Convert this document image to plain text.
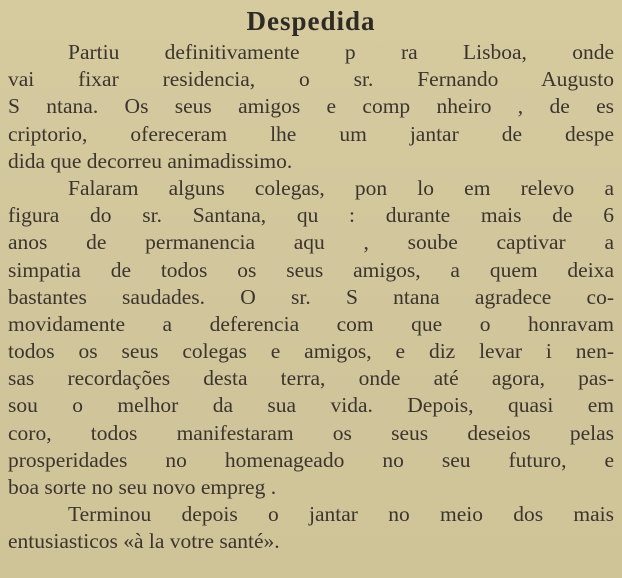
Despedida
Partiu definitivamente p ra Lisboa, onde
vai fixar residencia, o sr. Fernando Augusto
S ntana. Os seus amigos e comp nheiro , de es
criptorio, ofereceram lhe um jantar de despe
dida que decorreu animadissimo.
Falaram alguns colegas, pon lo em relevo a
figura do sr. Santana, qu : durante mais de 6
anos de permanencia aqu , soube captivar a
simpatia de todos os seus amigos, a quem deixa
bastantes saudades. O sr. S ntana agradece co-
movidamente a deferencia com que o honravam
todos os seus colegas e amigos, e diz levar i nen-
sas recordações desta terra, onde até agora, pas-
sou o melhor da sua vida. Depois, quasi em
coro, todos manifestaram os seus deseios pelas
prosperidades no homenageado no seu futuro, e
boa sorte no seu novo empreg .
Terminou depois o jantar no meio dos mais
entusiasticos «à la votre santé».
